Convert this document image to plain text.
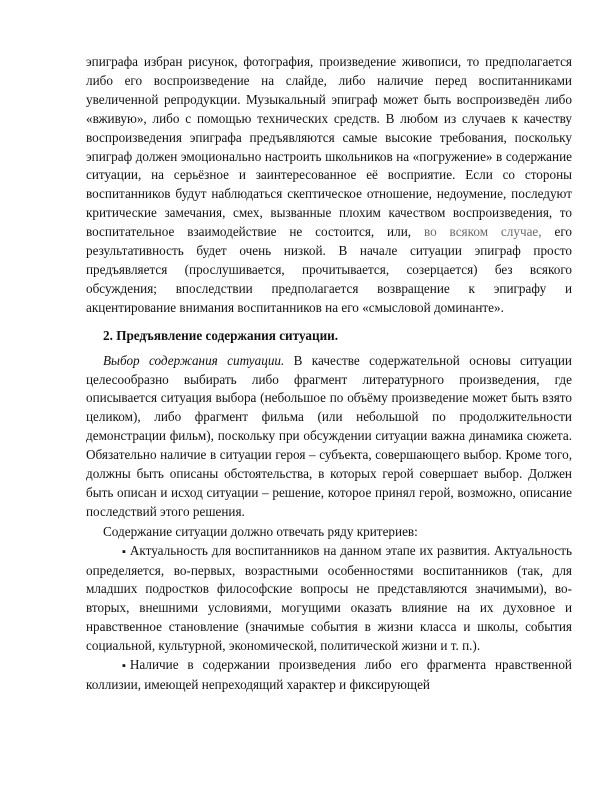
эпиграфа избран рисунок, фотография, произведение живописи, то предполагается либо его воспроизведение на слайде, либо наличие перед воспитанниками увеличенной репродукции. Музыкальный эпиграф может быть воспроизведён либо «вживую», либо с помощью технических средств. В любом из случаев к качеству воспроизведения эпиграфа предъявляются самые высокие требования, поскольку эпиграф должен эмоционально настроить школьников на «погружение» в содержание ситуации, на серьёзное и заинтересованное её восприятие. Если со стороны воспитанников будут наблюдаться скептическое отношение, недоумение, последуют критические замечания, смех, вызванные плохим качеством воспроизведения, то воспитательное взаимодействие не состоится, или, во всяком случае, его результативность будет очень низкой. В начале ситуации эпиграф просто предъявляется (прослушивается, прочитывается, созерцается) без всякого обсуждения; впоследствии предполагается возвращение к эпиграфу и акцентирование внимания воспитанников на его «смысловой доминанте».

2. Предъявление содержания ситуации.

Выбор содержания ситуации. В качестве содержательной основы ситуации целесообразно выбирать либо фрагмент литературного произведения, где описывается ситуация выбора (небольшое по объёму произведение может быть взято целиком), либо фрагмент фильма (или небольшой по продолжительности демонстрации фильм), поскольку при обсуждении ситуации важна динамика сюжета. Обязательно наличие в ситуации героя – субъекта, совершающего выбор. Кроме того, должны быть описаны обстоятельства, в которых герой совершает выбор. Должен быть описан и исход ситуации – решение, которое принял герой, возможно, описание последствий этого решения.

Содержание ситуации должно отвечать ряду критериев:

▪ Актуальность для воспитанников на данном этапе их развития. Актуальность определяется, во-первых, возрастными особенностями воспитанников (так, для младших подростков философские вопросы не представляются значимыми), во-вторых, внешними условиями, могущими оказать влияние на их духовное и нравственное становление (значимые события в жизни класса и школы, события социальной, культурной, экономической, политической жизни и т. п.).

▪ Наличие в содержании произведения либо его фрагмента нравственной коллизии, имеющей непреходящий характер и фиксирующей
